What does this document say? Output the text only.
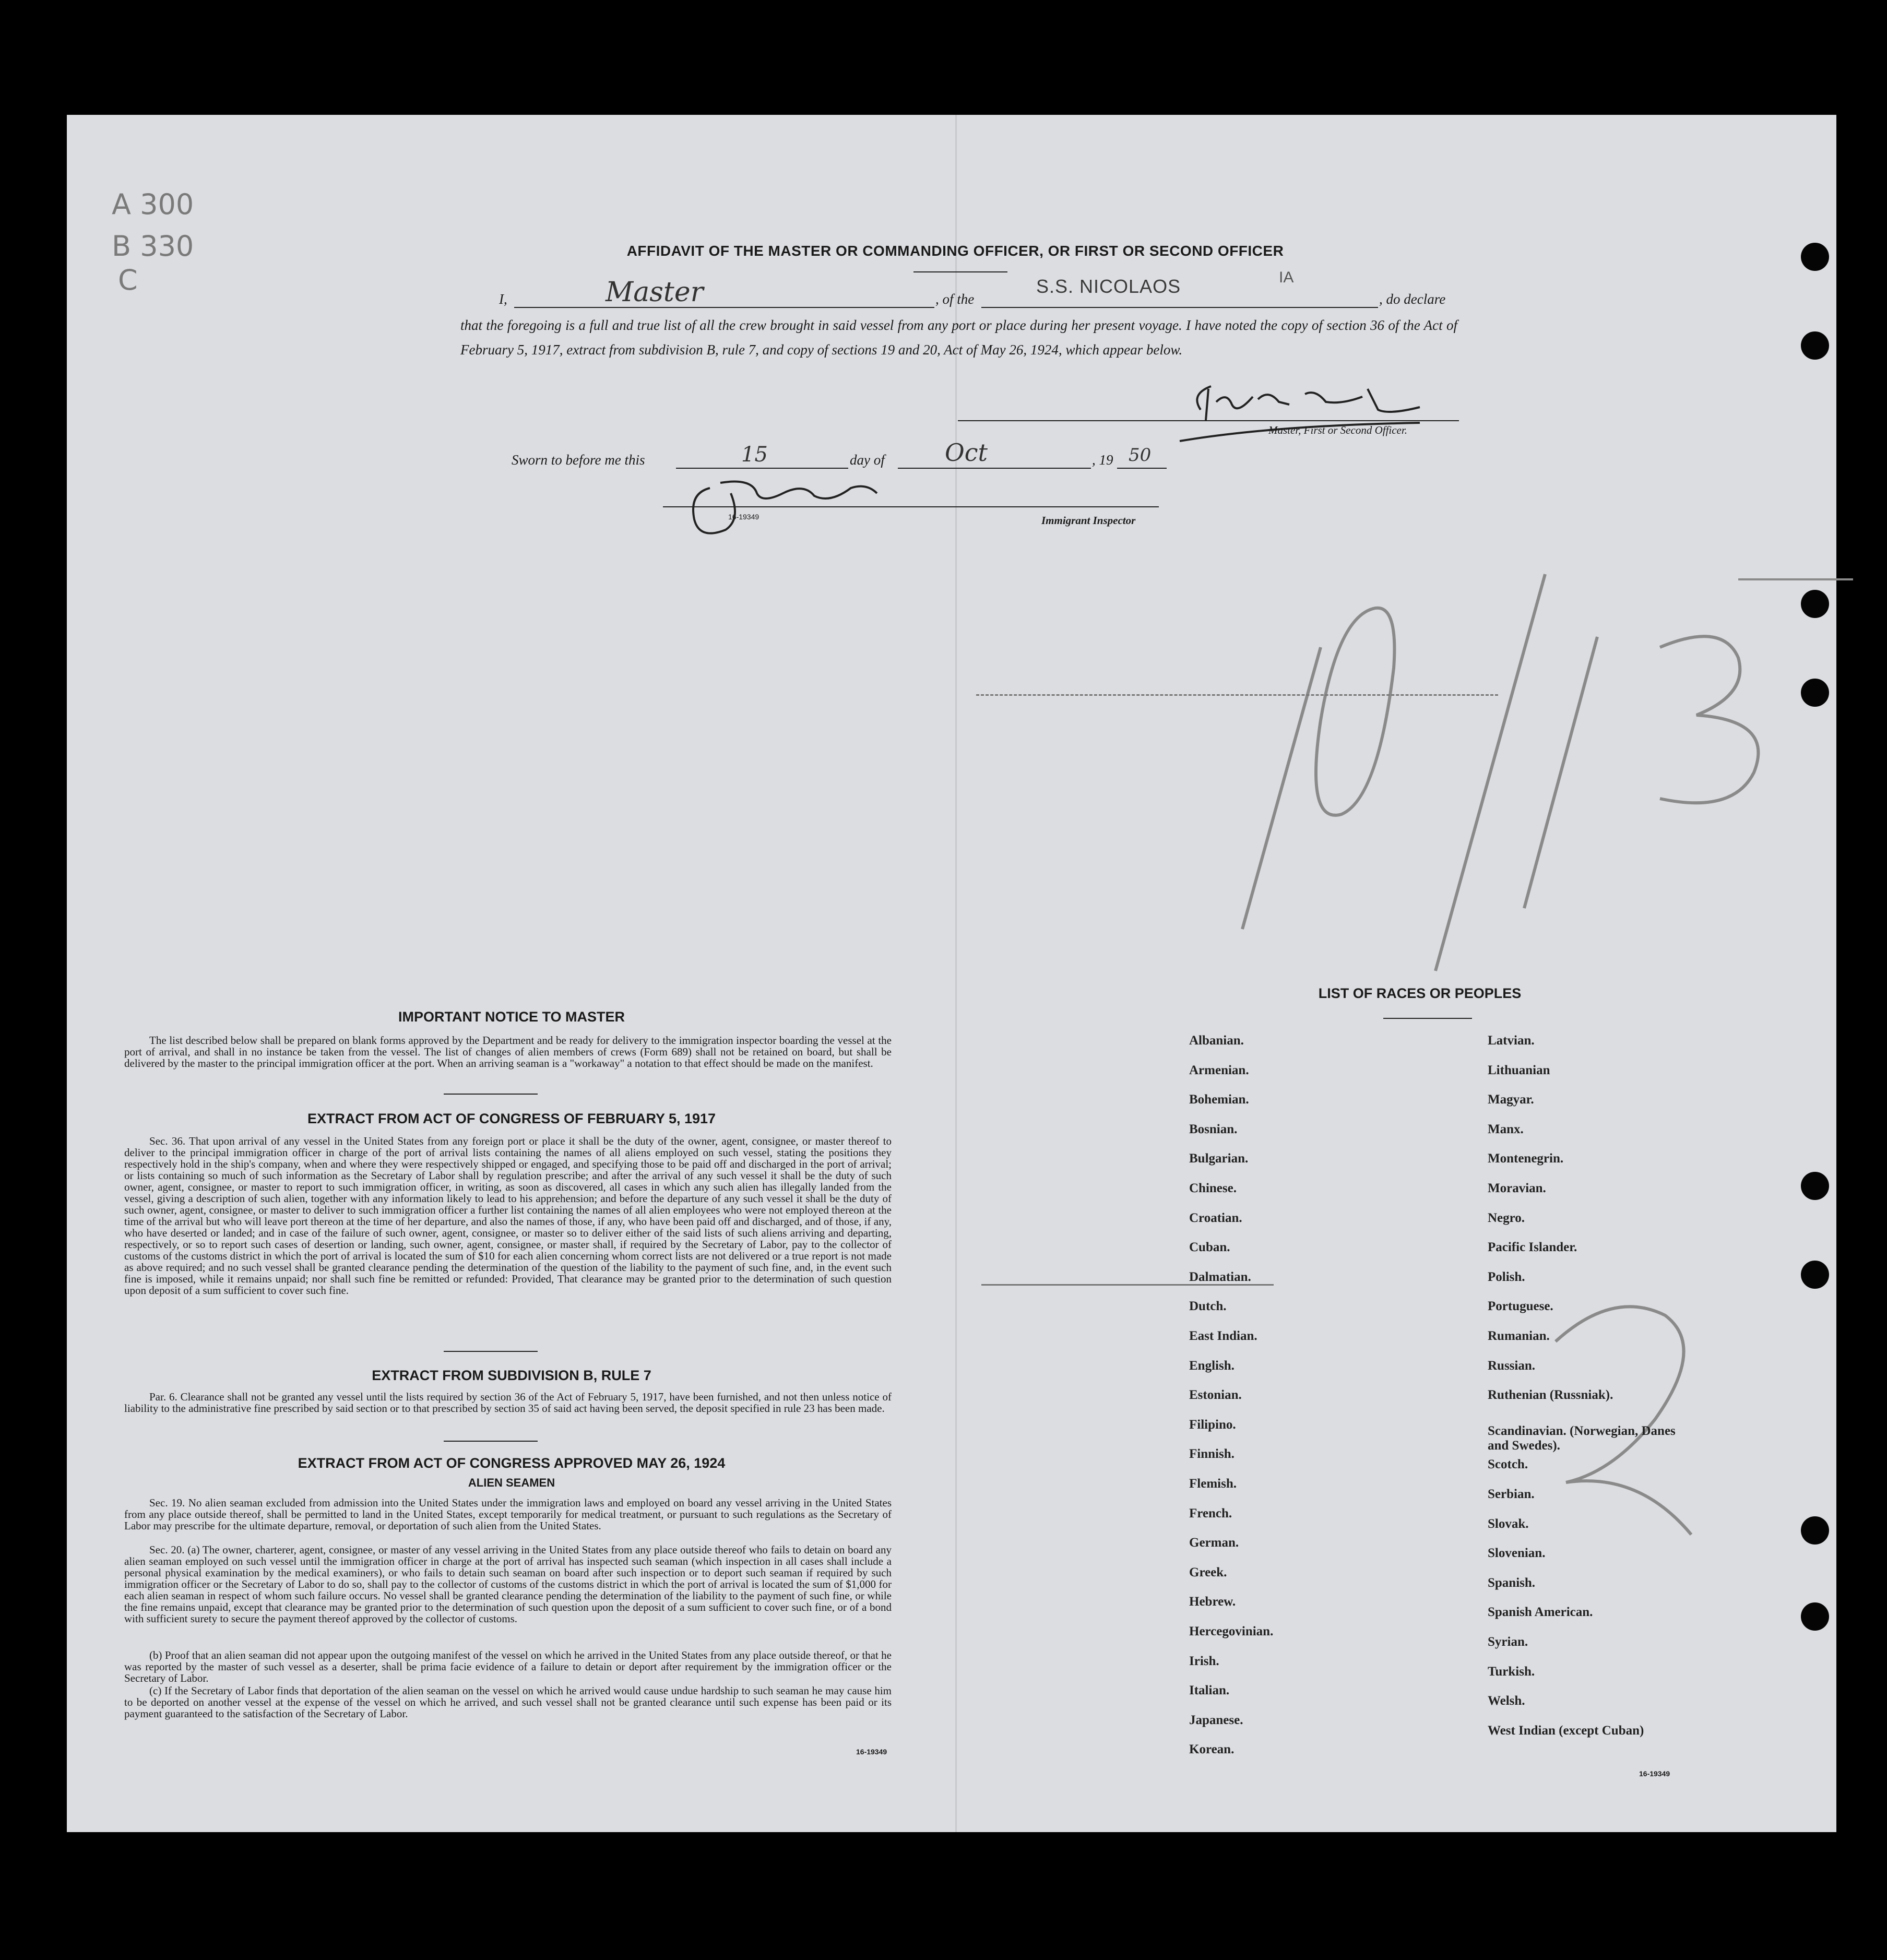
A 300
B 330
C
AFFIDAVIT OF THE MASTER OR COMMANDING OFFICER, OR FIRST OR SECOND OFFICER
I,	Master	, of the
S.S. NICOLAOS	IA
, do declare
that the foregoing is a full and true list of all the crew brought in said vessel from any port or place during her present voyage. I have noted the copy of section 36 of the Act of February 5, 1917, extract from subdivision B, rule 7, and copy of sections 19 and 20, Act of May 26, 1924, which appear below.
Master, First or Second Officer.
Sworn to before me this	15	day of	Oct	, 19 50
16-19349	Immigrant Inspector
IMPORTANT NOTICE TO MASTER
The list described below shall be prepared on blank forms approved by the Department and be ready for delivery to the immigration inspector boarding the vessel at the port of arrival, and shall in no instance be taken from the vessel. The list of changes of alien members of crews (Form 689) shall not be retained on board, but shall be delivered by the master to the principal immigration officer at the port. When an arriving seaman is a "workaway" a notation to that effect should be made on the manifest.
EXTRACT FROM ACT OF CONGRESS OF FEBRUARY 5, 1917
Sec. 36. That upon arrival of any vessel in the United States from any foreign port or place it shall be the duty of the owner, agent, consignee, or master thereof to deliver to the principal immigration officer in charge of the port of arrival lists containing the names of all aliens employed on such vessel, stating the positions they respectively hold in the ship's company, when and where they were respectively shipped or engaged, and specifying those to be paid off and discharged in the port of arrival; or lists containing so much of such information as the Secretary of Labor shall by regulation prescribe; and after the arrival of any such vessel it shall be the duty of such owner, agent, consignee, or master to report to such immigration officer, in writing, as soon as discovered, all cases in which any such alien has illegally landed from the vessel, giving a description of such alien, together with any information likely to lead to his apprehension; and before the departure of any such vessel it shall be the duty of such owner, agent, consignee, or master to deliver to such immigration officer a further list containing the names of all alien employees who were not employed thereon at the time of the arrival but who will leave port thereon at the time of her departure, and also the names of those, if any, who have been paid off and discharged, and of those, if any, who have deserted or landed; and in case of the failure of such owner, agent, consignee, or master so to deliver either of the said lists of such aliens arriving and departing, respectively, or so to report such cases of desertion or landing, such owner, agent, consignee, or master shall, if required by the Secretary of Labor, pay to the collector of customs of the customs district in which the port of arrival is located the sum of $10 for each alien concerning whom correct lists are not delivered or a true report is not made as above required; and no such vessel shall be granted clearance pending the determination of the question of the liability to the payment of such fine, and, in the event such fine is imposed, while it remains unpaid; nor shall such fine be remitted or refunded: Provided, That clearance may be granted prior to the determination of such question upon deposit of a sum sufficient to cover such fine.
EXTRACT FROM SUBDIVISION B, RULE 7
Par. 6. Clearance shall not be granted any vessel until the lists required by section 36 of the Act of February 5, 1917, have been furnished, and not then unless notice of liability to the administrative fine prescribed by said section or to that prescribed by section 35 of said act having been served, the deposit specified in rule 23 has been made.
EXTRACT FROM ACT OF CONGRESS APPROVED MAY 26, 1924
ALIEN SEAMEN
Sec. 19. No alien seaman excluded from admission into the United States under the immigration laws and employed on board any vessel arriving in the United States from any place outside thereof, shall be permitted to land in the United States, except temporarily for medical treatment, or pursuant to such regulations as the Secretary of Labor may prescribe for the ultimate departure, removal, or deportation of such alien from the United States.
Sec. 20. (a) The owner, charterer, agent, consignee, or master of any vessel arriving in the United States from any place outside thereof who fails to detain on board any alien seaman employed on such vessel until the immigration officer in charge at the port of arrival has inspected such seaman (which inspection in all cases shall include a personal physical examination by the medical examiners), or who fails to detain such seaman on board after such inspection or to deport such seaman if required by such immigration officer or the Secretary of Labor to do so, shall pay to the collector of customs of the customs district in which the port of arrival is located the sum of $1,000 for each alien seaman in respect of whom such failure occurs. No vessel shall be granted clearance pending the determination of the liability to the payment of such fine, or while the fine remains unpaid, except that clearance may be granted prior to the determination of such question upon the deposit of a sum sufficient to cover such fine, or of a bond with sufficient surety to secure the payment thereof approved by the collector of customs.
(b) Proof that an alien seaman did not appear upon the outgoing manifest of the vessel on which he arrived in the United States from any place outside thereof, or that he was reported by the master of such vessel as a deserter, shall be prima facie evidence of a failure to detain or deport after requirement by the immigration officer or the Secretary of Labor.
(c) If the Secretary of Labor finds that deportation of the alien seaman on the vessel on which he arrived would cause undue hardship to such seaman he may cause him to be deported on another vessel at the expense of the vessel on which he arrived, and such vessel shall not be granted clearance until such expense has been paid or its payment guaranteed to the satisfaction of the Secretary of Labor.
16-19349
LIST OF RACES OR PEOPLES
Albanian.
Armenian.
Bohemian.
Bosnian.
Bulgarian.
Chinese.
Croatian.
Cuban.
Dalmatian.
Dutch.
East Indian.
English.
Estonian.
Filipino.
Finnish.
Flemish.
French.
German.
Greek.
Hebrew.
Hercegovinian.
Irish.
Italian.
Japanese.
Korean.
Latvian.
Lithuanian
Magyar.
Manx.
Montenegrin.
Moravian.
Negro.
Pacific Islander.
Polish.
Portuguese.
Rumanian.
Russian.
Ruthenian (Russniak).
Scandinavian. (Norwegian, Danes and Swedes).
Scotch.
Serbian.
Slovak.
Slovenian.
Spanish.
Spanish American.
Syrian.
Turkish.
Welsh.
West Indian (except Cuban)
16-19349
